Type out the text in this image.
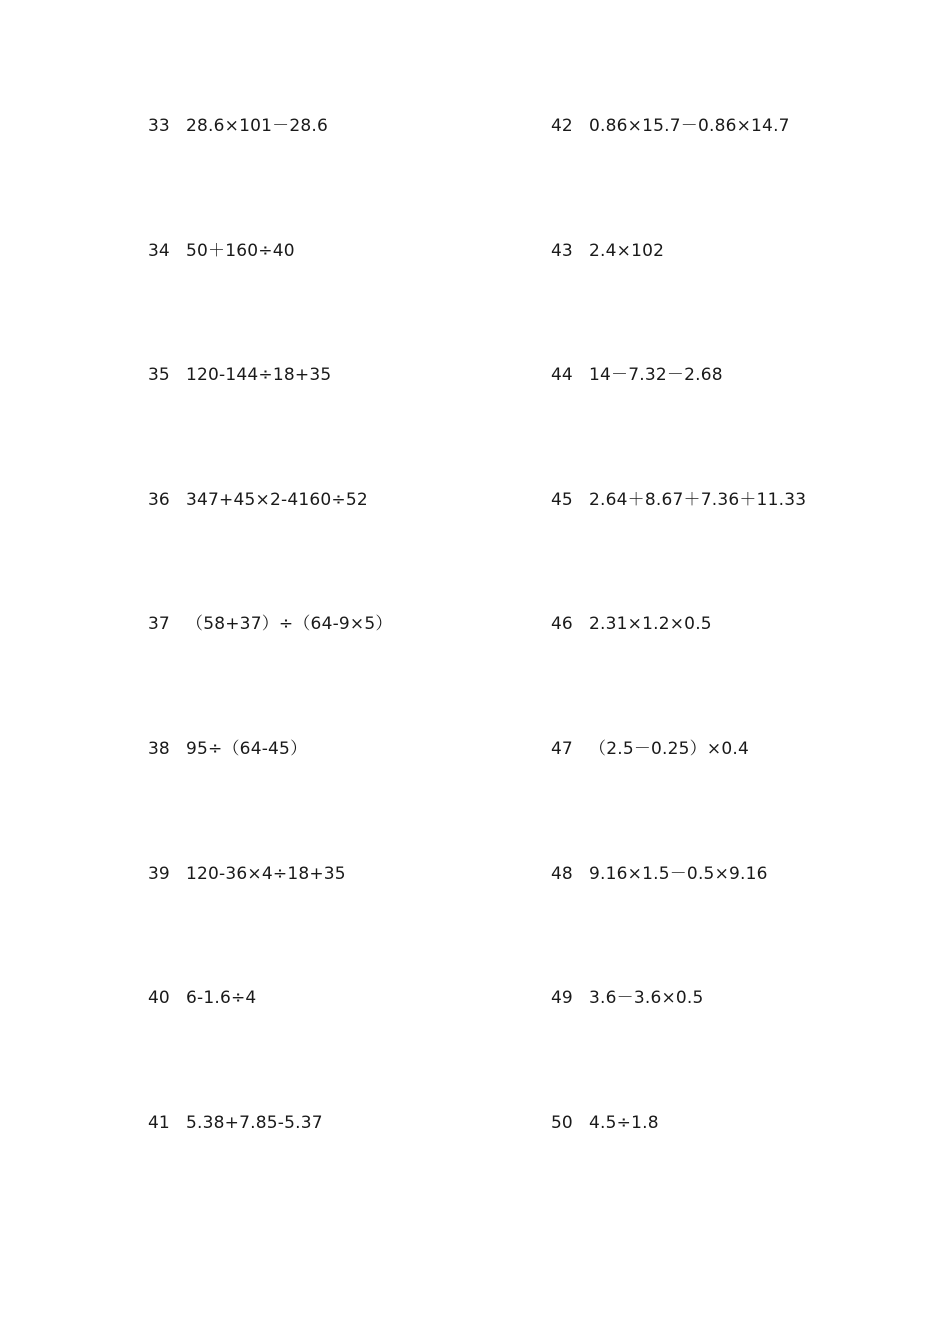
33 28.6×101－28.6
34 50＋160÷40
35 120-144÷18+35
36 347+45×2-4160÷52
37 （58+37）÷（64-9×5）
38 95÷（64-45）
39 120-36×4÷18+35
40 6-1.6÷4
41 5.38+7.85-5.37
42 0.86×15.7－0.86×14.7
43 2.4×102
44 14－7.32－2.68
45 2.64＋8.67＋7.36＋11.33
46 2.31×1.2×0.5
47 （2.5－0.25）×0.4
48 9.16×1.5－0.5×9.16
49 3.6－3.6×0.5
50 4.5÷1.8
